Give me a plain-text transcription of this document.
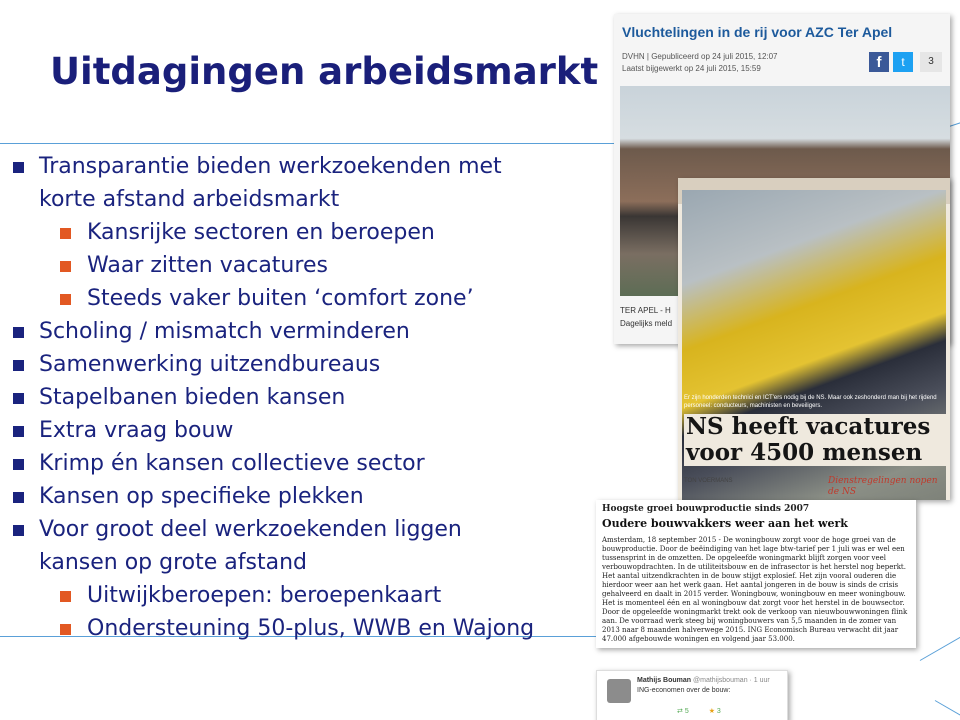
Uitdagingen arbeidsmarkt
Transparantie bieden werkzoekenden met
korte afstand arbeidsmarkt
Kansrijke sectoren en beroepen
Waar zitten vacatures
Steeds vaker buiten ‘comfort zone’
Scholing / mismatch verminderen
Samenwerking uitzendbureaus
Stapelbanen bieden kansen
Extra vraag bouw
Krimp én kansen collectieve sector
Kansen op specifieke plekken
Voor groot deel werkzoekenden liggen
kansen op grote afstand
Uitwijkberoepen: beroepenkaart
Ondersteuning 50-plus, WWB en Wajong
Vluchtelingen in de rij voor AZC Ter Apel
DVHN | Gepubliceerd op 24 juli 2015, 12:07
Laatst bijgewerkt op 24 juli 2015, 15:59	f	t	3
TER APEL - H
Dagelijks meld
Er zijn honderden technici en ICT'ers nodig bij de NS. Maar ook zeshonderd man bij het rijdend personeel: conducteurs, machinisten en beveiligers.
NS heeft vacatures voor 4500 mensen
TON VOERMANS	Dienstregelingen nopen de NS
Hoogste groei bouwproductie sinds 2007
Oudere bouwvakkers weer aan het werk
Amsterdam, 18 september 2015 - De woningbouw zorgt voor de hoge groei van de bouwproductie. Door de beëindiging van het lage btw-tarief per 1 juli was er wel een tussensprint in de omzetten. De opgeleefde woningmarkt blijft zorgen voor veel verbouwopdrachten. In de utiliteitsbouw en de infrasector is het herstel nog beperkt. Het aantal uitzendkrachten in de bouw stijgt explosief. Het zijn vooral ouderen die hierdoor weer aan het werk gaan. Het aantal jongeren in de bouw is sinds de crisis gehalveerd en daalt in 2015 verder. Woningbouw, woningbouw en meer woningbouw. Het is momenteel één en al woningbouw dat zorgt voor het herstel in de bouwsector. Door de opgeleefde woningmarkt trekt ook de verkoop van nieuwbouwwoningen flink aan. De voorraad werk steeg bij woningbouwers van 5,5 maanden in de zomer van 2013 naar 8 maanden halverwege 2015. ING Economisch Bureau verwacht dit jaar 47.000 afgebouwde woningen en volgend jaar 53.000.
Mathijs Bouman @mathijsbouman · 1 uur
ING-economen over de bouw:
⇄ 5	★ 3
